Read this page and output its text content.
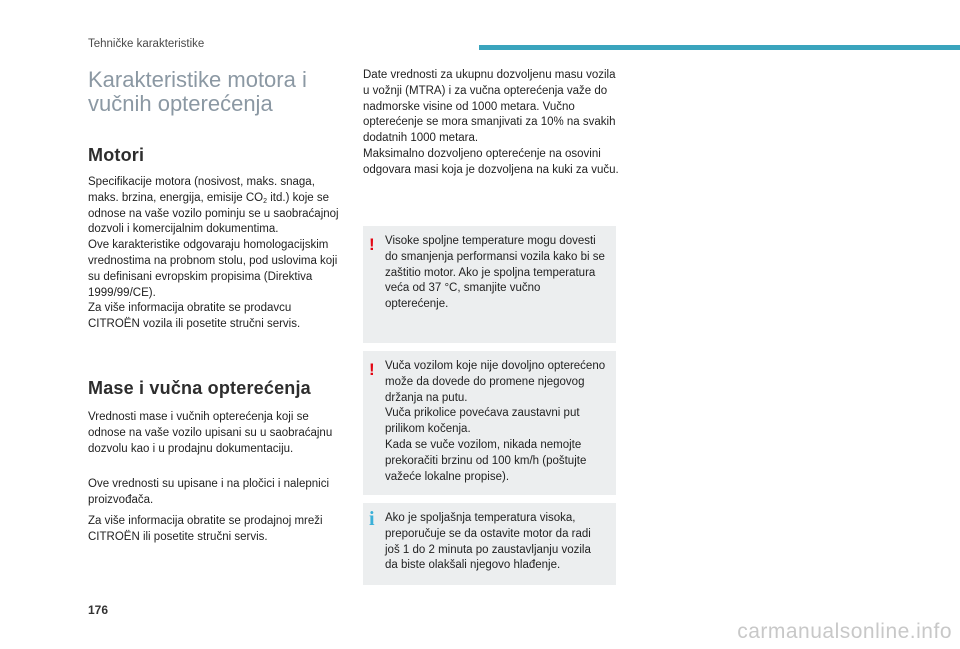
Tehničke karakteristike
Karakteristike motora i vučnih opterećenja
Motori

Specifikacije motora (nosivost, maks. snaga, maks. brzina, energija, emisije $CO_2$ itd.) koje se odnose na vaše vozilo pominju se u saobraćajnoj dozvoli i komercijalnim dokumentima.

Ove karakteristike odgovaraju homologacijskim vrednostima na probnom stolu, pod uslovima koji su definisani evropskim propisima (Direktiva 1999/99/CE).

Za više informacija obratite se prodavcu CITROËN vozila ili posetite stručni servis.

Mase i vučna opterećenja
Vrednosti mase i vučnih opterećenja koji se odnose na vaše vozilo upisani su u saobraćajnu dozvolu kao i u prodajnu dokumentaciju.
Ove vrednosti su upisane i na pločici i nalepnici proizvođača.
Za više informacija obratite se prodajnoj mreži CITROËN ili posetite stručni servis.

Date vrednosti za ukupnu dozvoljenu masu vozila u vožnji (MTRA) i za vučna opterećenja važe do nadmorske visine od 1000 metara. Vučno opterećenje se mora smanjivati za 10% na svakih dodatnih 1000 metara.

Maksimalno dozvoljeno opterećenje na osovini odgovara masi koja je dozvoljena na kuki za vuču.

! Visoke spoljne temperature mogu dovesti do smanjenja performansi vozila kako bi se zaštitio motor. Ako je spoljna temperatura veća od 37 °C, smanjite vučno opterećenje.

! Vuča vozilom koje nije dovoljno opterećeno može da dovede do promene njegovog držanja na putu.

Vuča prikolice povećava zaustavni put prilikom kočenja.

Kada se vuče vozilom, nikada nemojte prekoračiti brzinu od 100 km/h (poštujte važeće lokalne propise).

i Ako je spoljašnja temperatura visoka, preporučuje se da ostavite motor da radi još 1 do 2 minuta po zaustavljanju vozila da biste olakšali njegovo hlađenje.

176
carmanualsonline.info
